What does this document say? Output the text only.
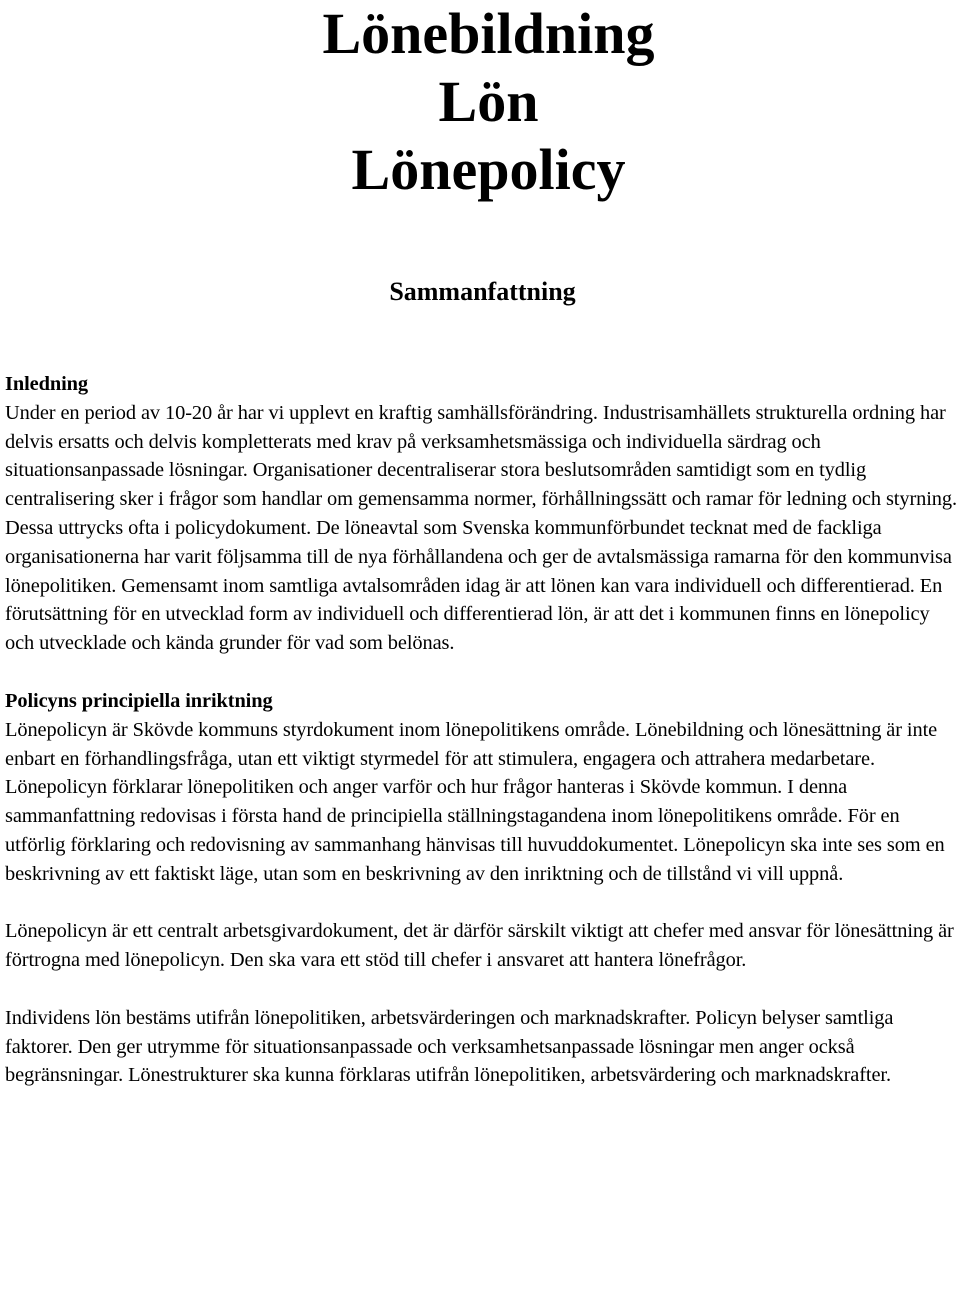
Lönebildning
Lön
Lönepolicy
Sammanfattning
Inledning

Under en period av 10-20 år har vi upplevt en kraftig samhällsförändring. Industrisamhällets strukturella ordning har delvis ersatts och delvis kompletterats med krav på verksamhetsmässiga och individuella särdrag och situationsanpassade lösningar. Organisationer decentraliserar stora beslutsområden samtidigt som en tydlig centralisering sker i frågor som handlar om gemensamma normer, förhållningssätt och ramar för ledning och styrning. Dessa uttrycks ofta i policydokument. De löneavtal som Svenska kommunförbundet tecknat med de fackliga organisationerna har varit följsamma till de nya förhållandena och ger de avtalsmässiga ramarna för den kommunvisa lönepolitiken. Gemensamt inom samtliga avtalsområden idag är att lönen kan vara individuell och differentierad. En förutsättning för en utvecklad form av individuell och differentierad lön, är att det i kommunen finns en lönepolicy och utvecklade och kända grunder för vad som belönas.

Policyns principiella inriktning

Lönepolicyn är Skövde kommuns styrdokument inom lönepolitikens område. Lönebildning och lönesättning är inte enbart en förhandlingsfråga, utan ett viktigt styrmedel för att stimulera, engagera och attrahera medarbetare. Lönepolicyn förklarar lönepolitiken och anger varför och hur frågor hanteras i Skövde kommun. I denna sammanfattning redovisas i första hand de principiella ställningstagandena inom lönepolitikens område. För en utförlig förklaring och redovisning av sammanhang hänvisas till huvuddokumentet. Lönepolicyn ska inte ses som en beskrivning av ett faktiskt läge, utan som en beskrivning av den inriktning och de tillstånd vi vill uppnå.

Lönepolicyn är ett centralt arbetsgivardokument, det är därför särskilt viktigt att chefer med ansvar för lönesättning är förtrogna med lönepolicyn. Den ska vara ett stöd till chefer i ansvaret att hantera lönefrågor.

Individens lön bestäms utifrån lönepolitiken, arbetsvärderingen och marknadskrafter. Policyn belyser samtliga faktorer. Den ger utrymme för situationsanpassade och verksamhetsanpassade lösningar men anger också begränsningar. Lönestrukturer ska kunna förklaras utifrån lönepolitiken, arbetsvärdering och marknadskrafter.
